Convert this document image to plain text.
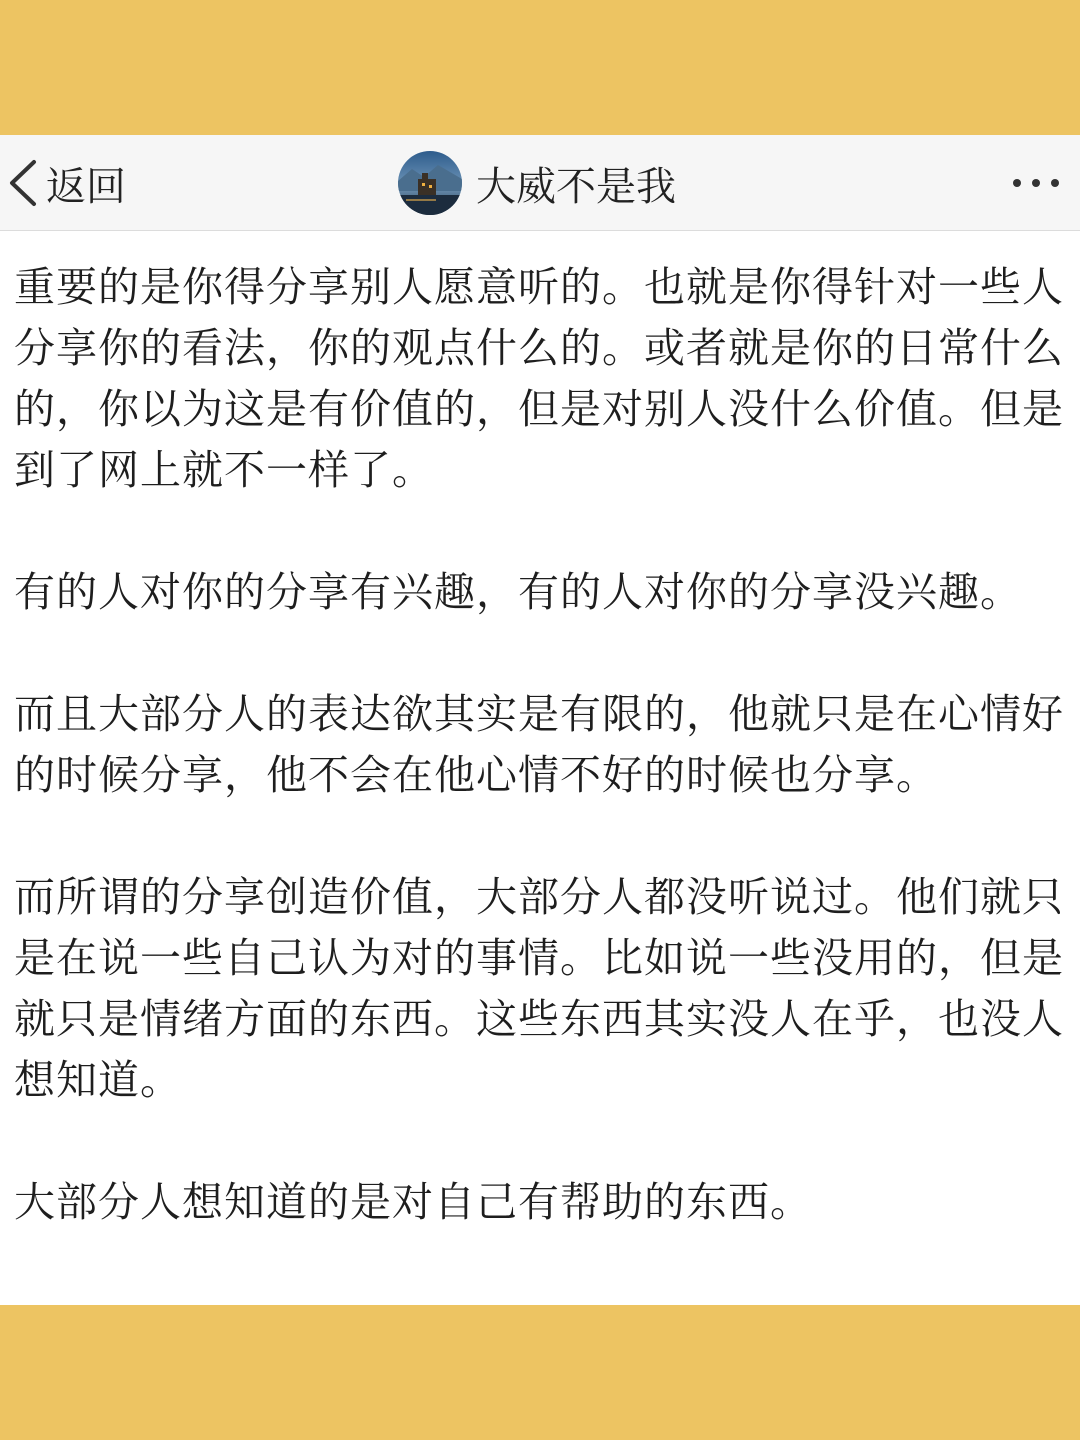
返回	大威不是我

重要的是你得分享别人愿意听的。也就是你得针对一些人分享你的看法，你的观点什么的。或者就是你的日常什么的，你以为这是有价值的，但是对别人没什么价值。但是到了网上就不一样了。

有的人对你的分享有兴趣，有的人对你的分享没兴趣。

而且大部分人的表达欲其实是有限的，他就只是在心情好的时候分享，他不会在他心情不好的时候也分享。

而所谓的分享创造价值，大部分人都没听说过。他们就只是在说一些自己认为对的事情。比如说一些没用的，但是就只是情绪方面的东西。这些东西其实没人在乎，也没人想知道。

大部分人想知道的是对自己有帮助的东西。
